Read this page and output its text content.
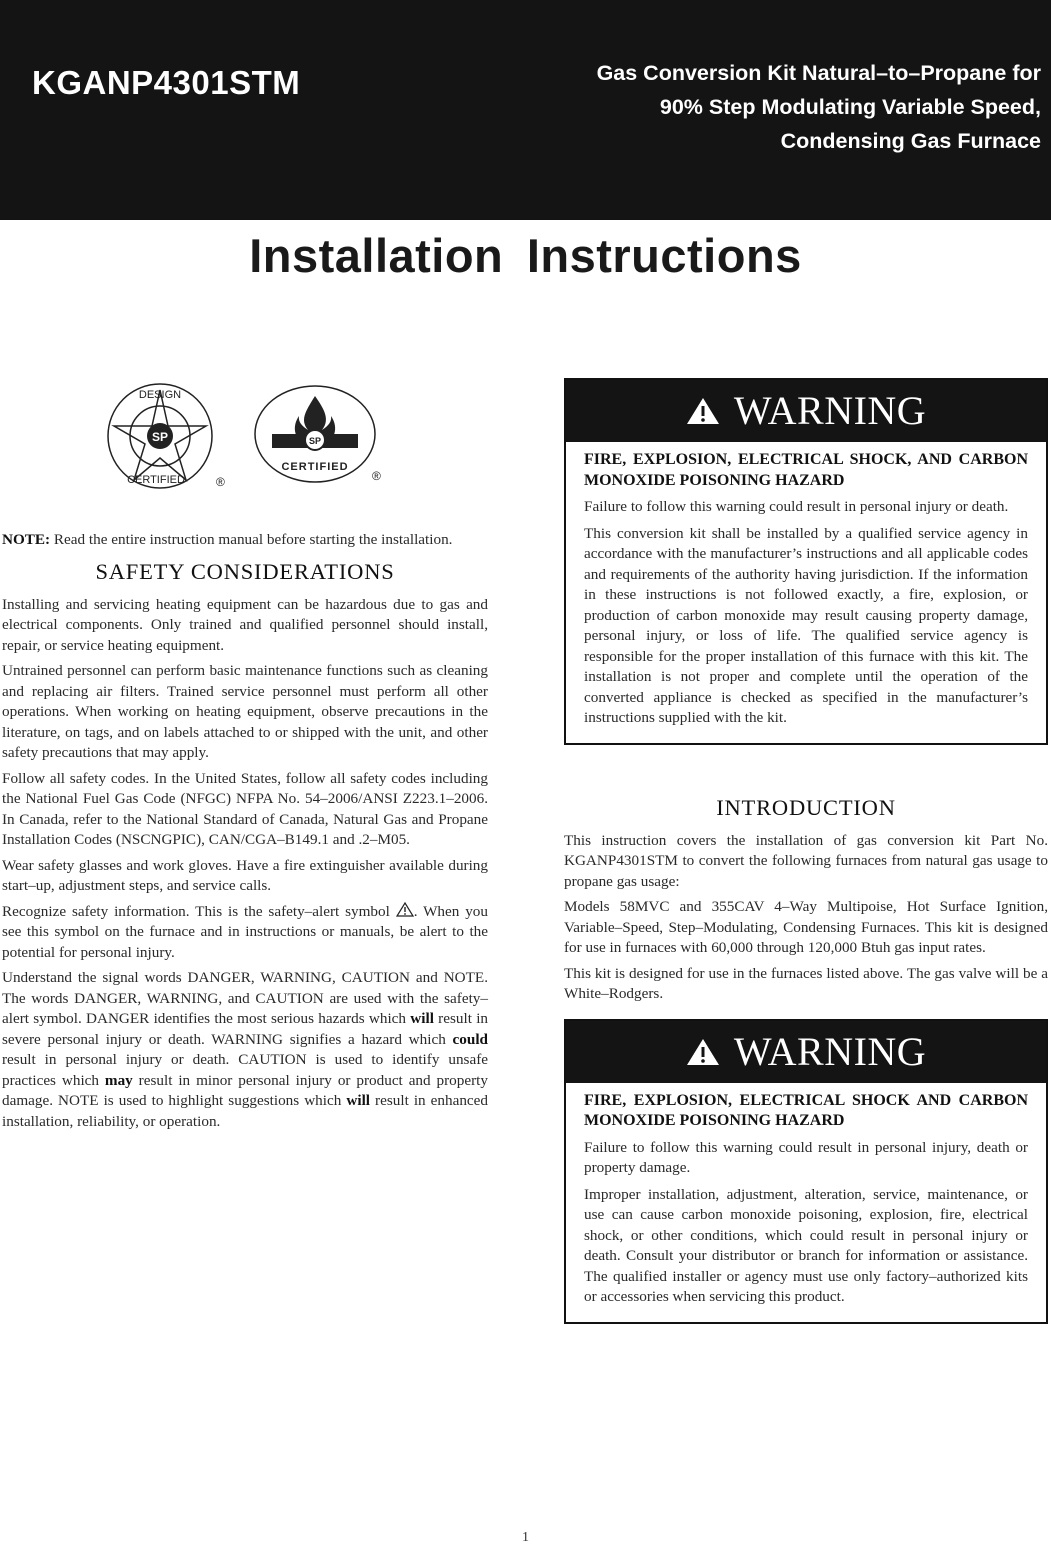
KGANP4301STM	Gas Conversion Kit Natural–to–Propane for
90% Step Modulating Variable Speed,
Condensing Gas Furnace
Installation Instructions
SP
DESIGN
CERTIFIED	®
SP
CERTIFIED
®

NOTE: Read the entire instruction manual before starting the installation.

SAFETY CONSIDERATIONS

Installing and servicing heating equipment can be hazardous due to gas and electrical components. Only trained and qualified personnel should install, repair, or service heating equipment.

Untrained personnel can perform basic maintenance functions such as cleaning and replacing air filters. Trained service personnel must perform all other operations. When working on heating equipment, observe precautions in the literature, on tags, and on labels attached to or shipped with the unit, and other safety precautions that may apply.

Follow all safety codes. In the United States, follow all safety codes including the National Fuel Gas Code (NFGC) NFPA No. 54–2006/ANSI Z223.1–2006. In Canada, refer to the National Standard of Canada, Natural Gas and Propane Installation Codes (NSCNGPIC), CAN/CGA–B149.1 and .2–M05.

Wear safety glasses and work gloves. Have a fire extinguisher available during start–up, adjustment steps, and service calls.

Recognize safety information. This is the safety–alert symbol . When you see this symbol on the furnace and in instructions or manuals, be alert to the potential for personal injury.

Understand the signal words DANGER, WARNING, CAUTION and NOTE. The words DANGER, WARNING, and CAUTION are used with the safety–alert symbol. DANGER identifies the most serious hazards which will result in severe personal injury or death. WARNING signifies a hazard which could result in personal injury or death. CAUTION is used to identify unsafe practices which may result in minor personal injury or product and property damage. NOTE is used to highlight suggestions which will result in enhanced installation, reliability, or operation.

WARNING
FIRE, EXPLOSION, ELECTRICAL SHOCK, AND CARBON MONOXIDE POISONING HAZARD

Failure to follow this warning could result in personal injury or death.

This conversion kit shall be installed by a qualified service agency in accordance with the manufacturer’s instructions and all applicable codes and requirements of the authority having jurisdiction. If the information in these instructions is not followed exactly, a fire, explosion, or production of carbon monoxide may result causing property damage, personal injury, or loss of life. The qualified service agency is responsible for the proper installation of this furnace with this kit. The installation is not proper and complete until the operation of the converted appliance is checked as specified in the manufacturer’s instructions supplied with the kit.

INTRODUCTION

This instruction covers the installation of gas conversion kit Part No. KGANP4301STM to convert the following furnaces from natural gas usage to propane gas usage:

Models 58MVC and 355CAV 4–Way Multipoise, Hot Surface Ignition, Variable–Speed, Step–Modulating, Condensing Furnaces. This kit is designed for use in furnaces with 60,000 through 120,000 Btuh gas input rates.

This kit is designed for use in the furnaces listed above. The gas valve will be a White–Rodgers.

WARNING
FIRE, EXPLOSION, ELECTRICAL SHOCK AND CARBON MONOXIDE POISONING HAZARD

Failure to follow this warning could result in personal injury, death or property damage.

Improper installation, adjustment, alteration, service, maintenance, or use can cause carbon monoxide poisoning, explosion, fire, electrical shock, or other conditions, which could result in personal injury or death. Consult your distributor or branch for information or assistance. The qualified installer or agency must use only factory–authorized kits or accessories when servicing this product.

1
